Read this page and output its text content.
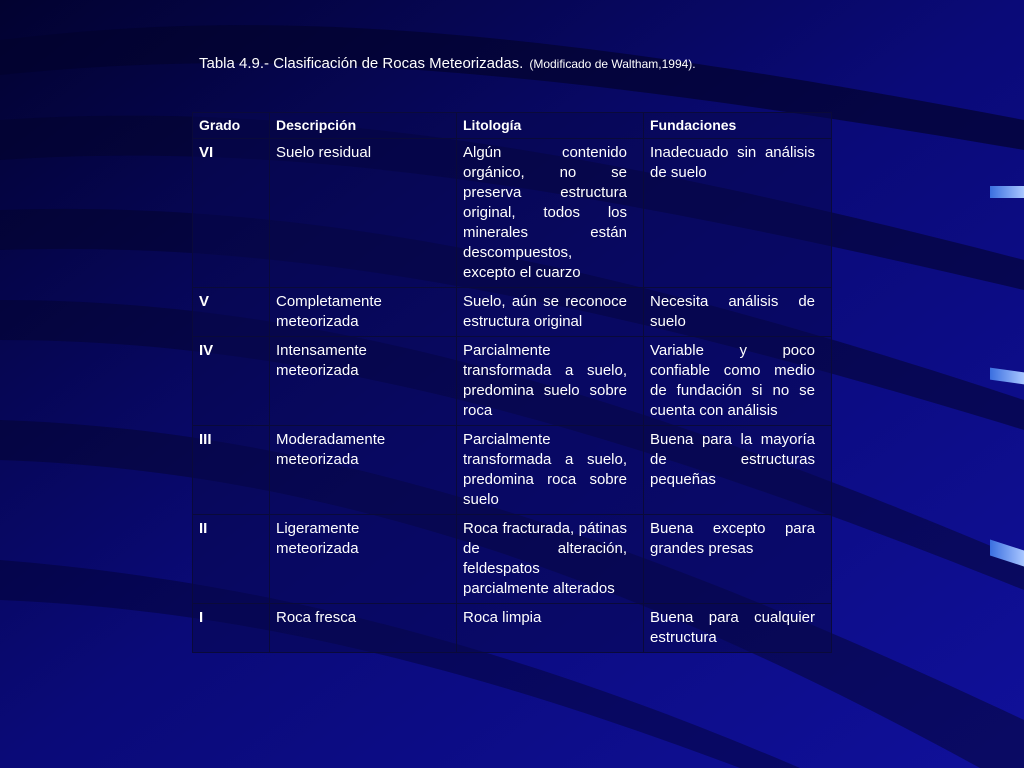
Tabla 4.9.- Clasificación de Rocas Meteorizadas. (Modificado de Waltham,1994).
Grado	Descripción	Litología	Fundaciones
VI	Suelo residual	Algún contenido orgánico, no se preserva estructura original, todos los minerales están descompuestos, excepto el cuarzo	Inadecuado sin análisis de suelo
V	Completamente meteorizada	Suelo, aún se reconoce estructura original	Necesita análisis de suelo
IV	Intensamente meteorizada	Parcialmente transformada a suelo, predomina suelo sobre roca	Variable y poco confiable como medio de fundación si no se cuenta con análisis
III	Moderadamente meteorizada	Parcialmente transformada a suelo, predomina roca sobre suelo	Buena para la mayoría de estructuras pequeñas
II	Ligeramente meteorizada	Roca fracturada, pátinas de alteración, feldespatos parcialmente alterados	Buena excepto para grandes presas
I	Roca fresca	Roca limpia	Buena para cualquier estructura
